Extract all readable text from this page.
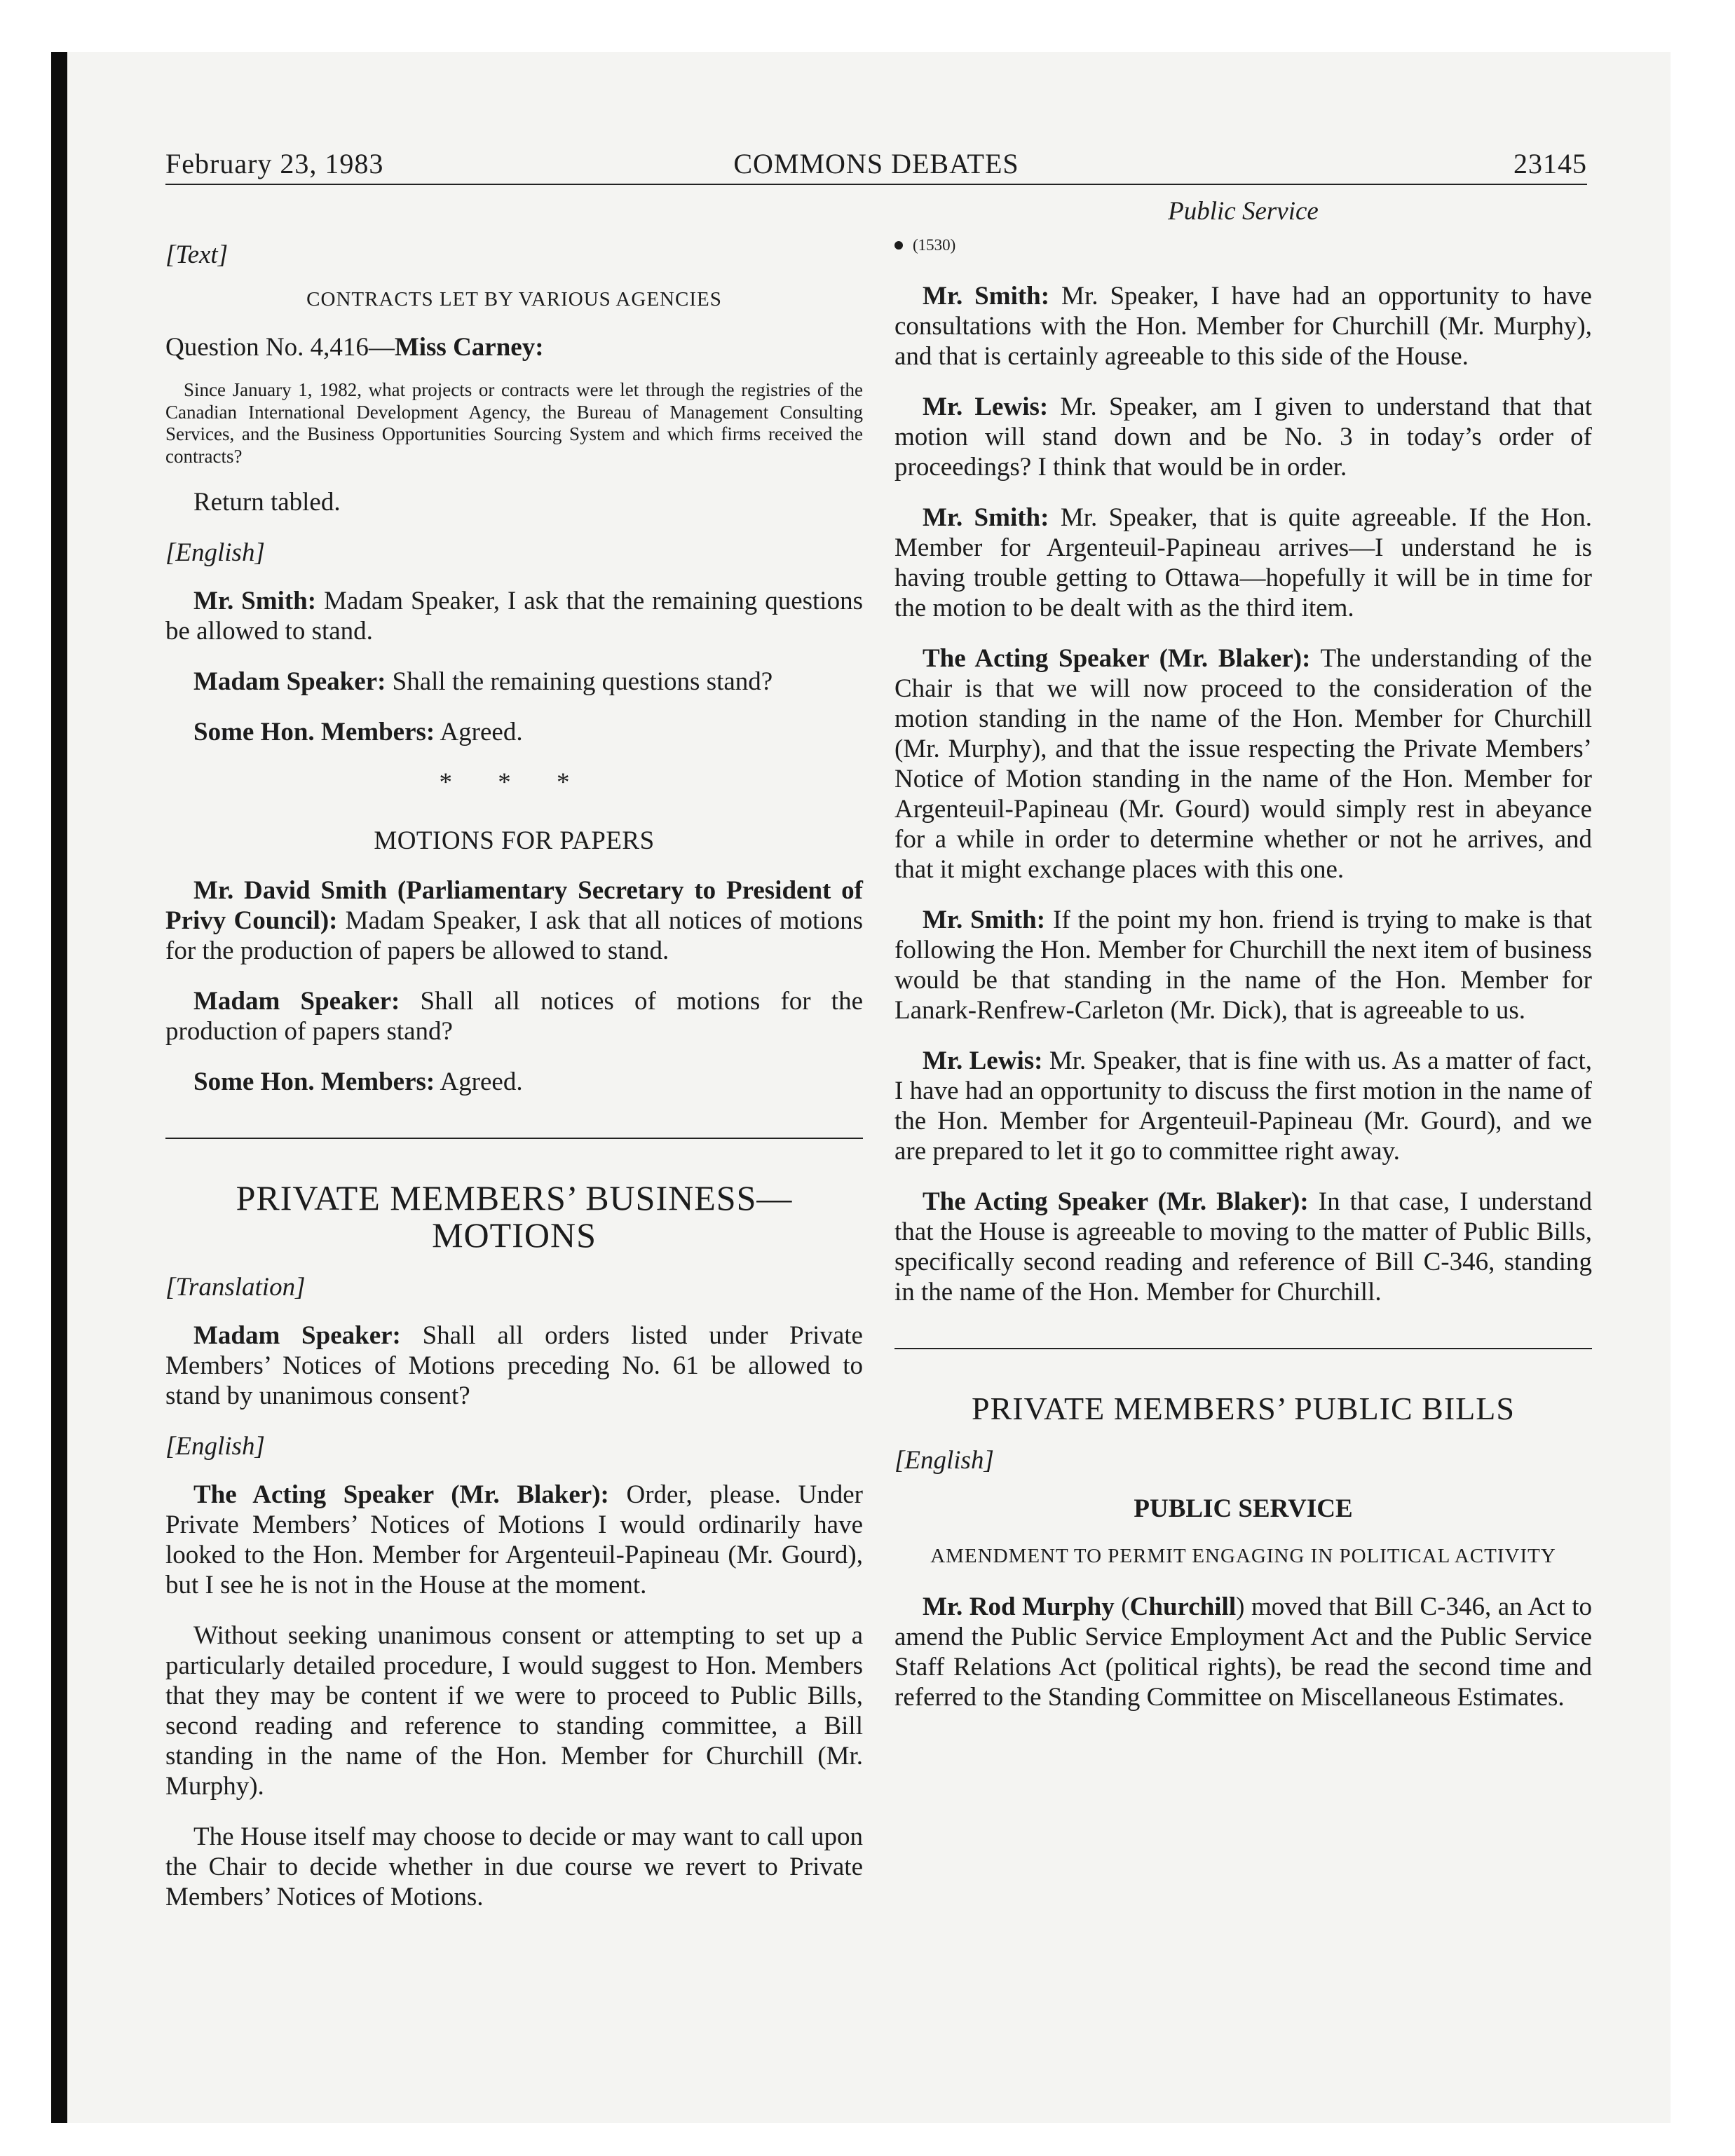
February 23, 1983	COMMONS DEBATES	23145
[Text]
CONTRACTS LET BY VARIOUS AGENCIES
Question No. 4,416—Miss Carney:
Since January 1, 1982, what projects or contracts were let through the registries of the Canadian International Development Agency, the Bureau of Management Consulting Services, and the Business Opportunities Sourcing System and which firms received the contracts?
Return tabled.
[English]
Mr. Smith: Madam Speaker, I ask that the remaining questions be allowed to stand.
Madam Speaker: Shall the remaining questions stand?
Some Hon. Members: Agreed.
* * *
MOTIONS FOR PAPERS
Mr. David Smith (Parliamentary Secretary to President of Privy Council): Madam Speaker, I ask that all notices of motions for the production of papers be allowed to stand.
Madam Speaker: Shall all notices of motions for the production of papers stand?
Some Hon. Members: Agreed.
PRIVATE MEMBERS’ BUSINESS—
MOTIONS
[Translation]
Madam Speaker: Shall all orders listed under Private Members’ Notices of Motions preceding No. 61 be allowed to stand by unanimous consent?
[English]
The Acting Speaker (Mr. Blaker): Order, please. Under Private Members’ Notices of Motions I would ordinarily have looked to the Hon. Member for Argenteuil-Papineau (Mr. Gourd), but I see he is not in the House at the moment.
Without seeking unanimous consent or attempting to set up a particularly detailed procedure, I would suggest to Hon. Members that they may be content if we were to proceed to Public Bills, second reading and reference to standing committee, a Bill standing in the name of the Hon. Member for Churchill (Mr. Murphy).
The House itself may choose to decide or may want to call upon the Chair to decide whether in due course we revert to Private Members’ Notices of Motions.
Public Service
(1530)
Mr. Smith: Mr. Speaker, I have had an opportunity to have consultations with the Hon. Member for Churchill (Mr. Murphy), and that is certainly agreeable to this side of the House.
Mr. Lewis: Mr. Speaker, am I given to understand that that motion will stand down and be No. 3 in today’s order of proceedings? I think that would be in order.
Mr. Smith: Mr. Speaker, that is quite agreeable. If the Hon. Member for Argenteuil-Papineau arrives—I understand he is having trouble getting to Ottawa—hopefully it will be in time for the motion to be dealt with as the third item.
The Acting Speaker (Mr. Blaker): The understanding of the Chair is that we will now proceed to the consideration of the motion standing in the name of the Hon. Member for Churchill (Mr. Murphy), and that the issue respecting the Private Members’ Notice of Motion standing in the name of the Hon. Member for Argenteuil-Papineau (Mr. Gourd) would simply rest in abeyance for a while in order to determine whether or not he arrives, and that it might exchange places with this one.
Mr. Smith: If the point my hon. friend is trying to make is that following the Hon. Member for Churchill the next item of business would be that standing in the name of the Hon. Member for Lanark-Renfrew-Carleton (Mr. Dick), that is agreeable to us.
Mr. Lewis: Mr. Speaker, that is fine with us. As a matter of fact, I have had an opportunity to discuss the first motion in the name of the Hon. Member for Argenteuil-Papineau (Mr. Gourd), and we are prepared to let it go to committee right away.
The Acting Speaker (Mr. Blaker): In that case, I understand that the House is agreeable to moving to the matter of Public Bills, specifically second reading and reference of Bill C-346, standing in the name of the Hon. Member for Churchill.
PRIVATE MEMBERS’ PUBLIC BILLS
[English]
PUBLIC SERVICE
AMENDMENT TO PERMIT ENGAGING IN POLITICAL ACTIVITY
Mr. Rod Murphy (Churchill) moved that Bill C-346, an Act to amend the Public Service Employment Act and the Public Service Staff Relations Act (political rights), be read the second time and referred to the Standing Committee on Miscellaneous Estimates.
